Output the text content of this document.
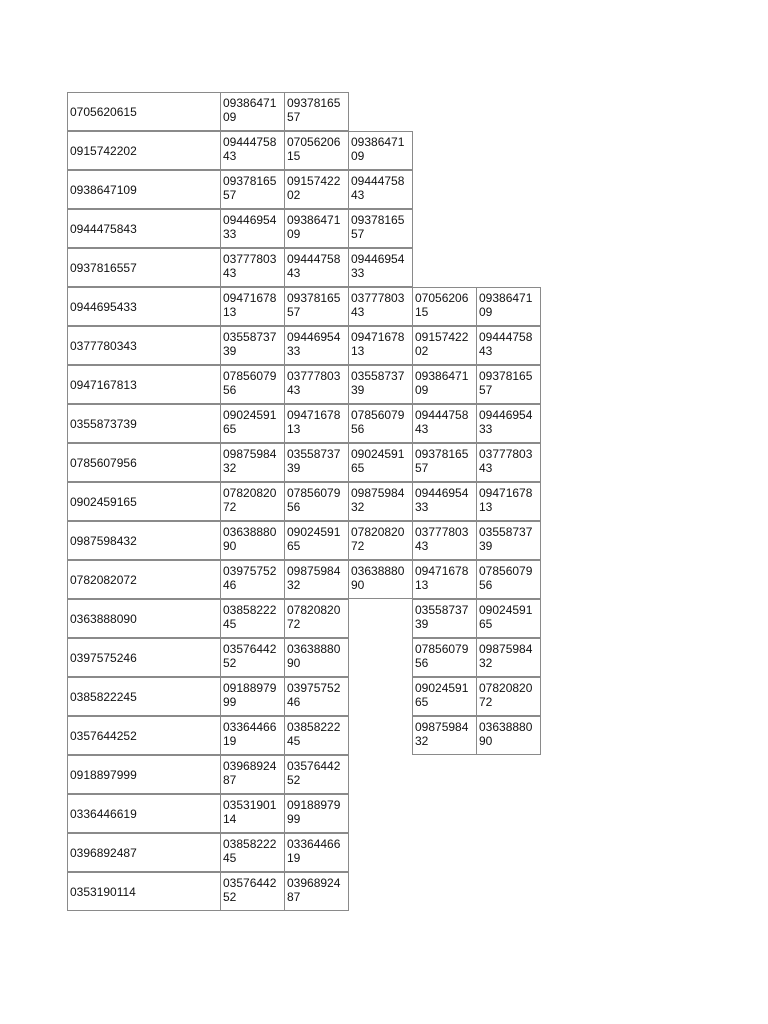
0705620615
09386471
09
09378165
57
0915742202
09444758
43
07056206
15
09386471
09
0938647109
09378165
57
09157422
02
09444758
43
0944475843
09446954
33
09386471
09
09378165
57
0937816557
03777803
43
09444758
43
09446954
33
0944695433
09471678
13
09378165
57
03777803
43
07056206
15
09386471
09
0377780343
03558737
39
09446954
33
09471678
13
09157422
02
09444758
43
0947167813
07856079
56
03777803
43
03558737
39
09386471
09
09378165
57
0355873739
09024591
65
09471678
13
07856079
56
09444758
43
09446954
33
0785607956
09875984
32
03558737
39
09024591
65
09378165
57
03777803
43
0902459165
07820820
72
07856079
56
09875984
32
09446954
33
09471678
13
0987598432
03638880
90
09024591
65
07820820
72
03777803
43
03558737
39
0782082072
03975752
46
09875984
32
03638880
90
09471678
13
07856079
56
0363888090
03858222
45
07820820
72
03558737
39
09024591
65
0397575246
03576442
52
03638880
90
07856079
56
09875984
32
0385822245
09188979
99
03975752
46
09024591
65
07820820
72
0357644252
03364466
19
03858222
45
09875984
32
03638880
90
0918897999
03968924
87
03576442
52
0336446619
03531901
14
09188979
99
0396892487
03858222
45
03364466
19
0353190114
03576442
52
03968924
87
